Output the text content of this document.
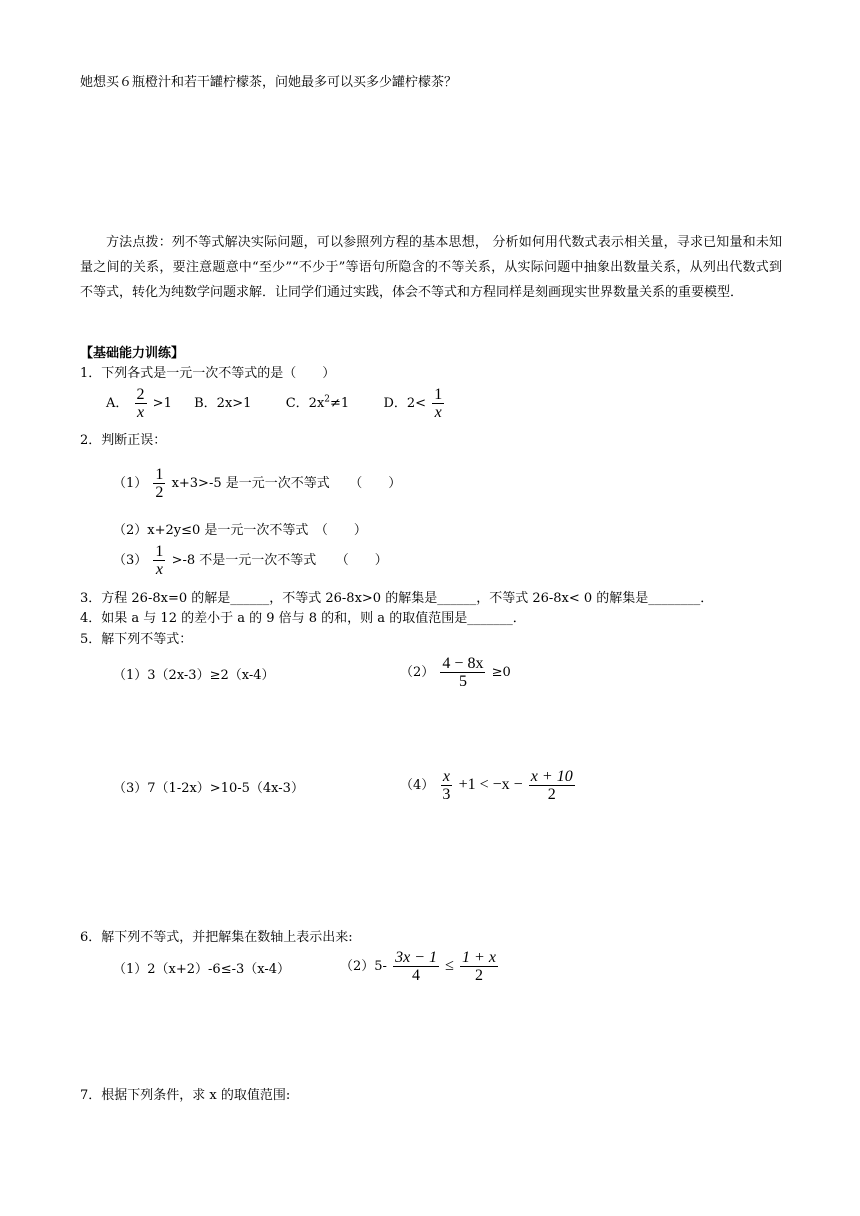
她想买６瓶橙汁和若干罐柠檬茶，问她最多可以买多少罐柠檬茶？
方法点拨：列不等式解决实际问题，可以参照列方程的基本思想， 分析如何用代数式表示相关量，寻求已知量和未知量之间的关系，要注意题意中“至少”“不少于”等语句所隐含的不等关系，从实际问题中抽象出数量关系，从列出代数式到不等式，转化为纯数学问题求解．让同学们通过实践，体会不等式和方程同样是刻画现实世界数量关系的重要模型．
【基础能力训练】
1．下列各式是一元一次不等式的是（　　）
A． $\frac{2}{x} >1$ B．2x>1	C．$2x^2\ne 1$	D．$2< \frac{1}{x}$
2．判断正误：
$(1) \frac{1}{2} x+3>-5$ 是一元一次不等式　　（　　）
（2）x+2y≤0 是一元一次不等式　（　　）
$(3) \frac{1}{x} >-8$ 不是一元一次不等式　　（　　）
3．方程 26-8x=0 的解是______，不等式 26-8x>0 的解集是______，不等式 26-8x< 0 的解集是________．
4．如果 a 与 12 的差小于 a 的 9 倍与 8 的和，则 a 的取值范围是_______．
5．解下列不等式：
（1）3（2x-3）≥2（x-4）	$(2) \frac{4 - 8x}{5} \ge 0$
（3）7（1-2x）>10-5（4x-3）	$(4) \frac{x}{3} +1 < -x - \frac{x + 10}{2}$
6．解下列不等式，并把解集在数轴上表示出来:
（1）2（x+2）-6≤-3（x-4）	$(2)5- \frac{3x - 1}{4} \le \frac{1 + x}{2}$
7．根据下列条件，求 x 的取值范围:
